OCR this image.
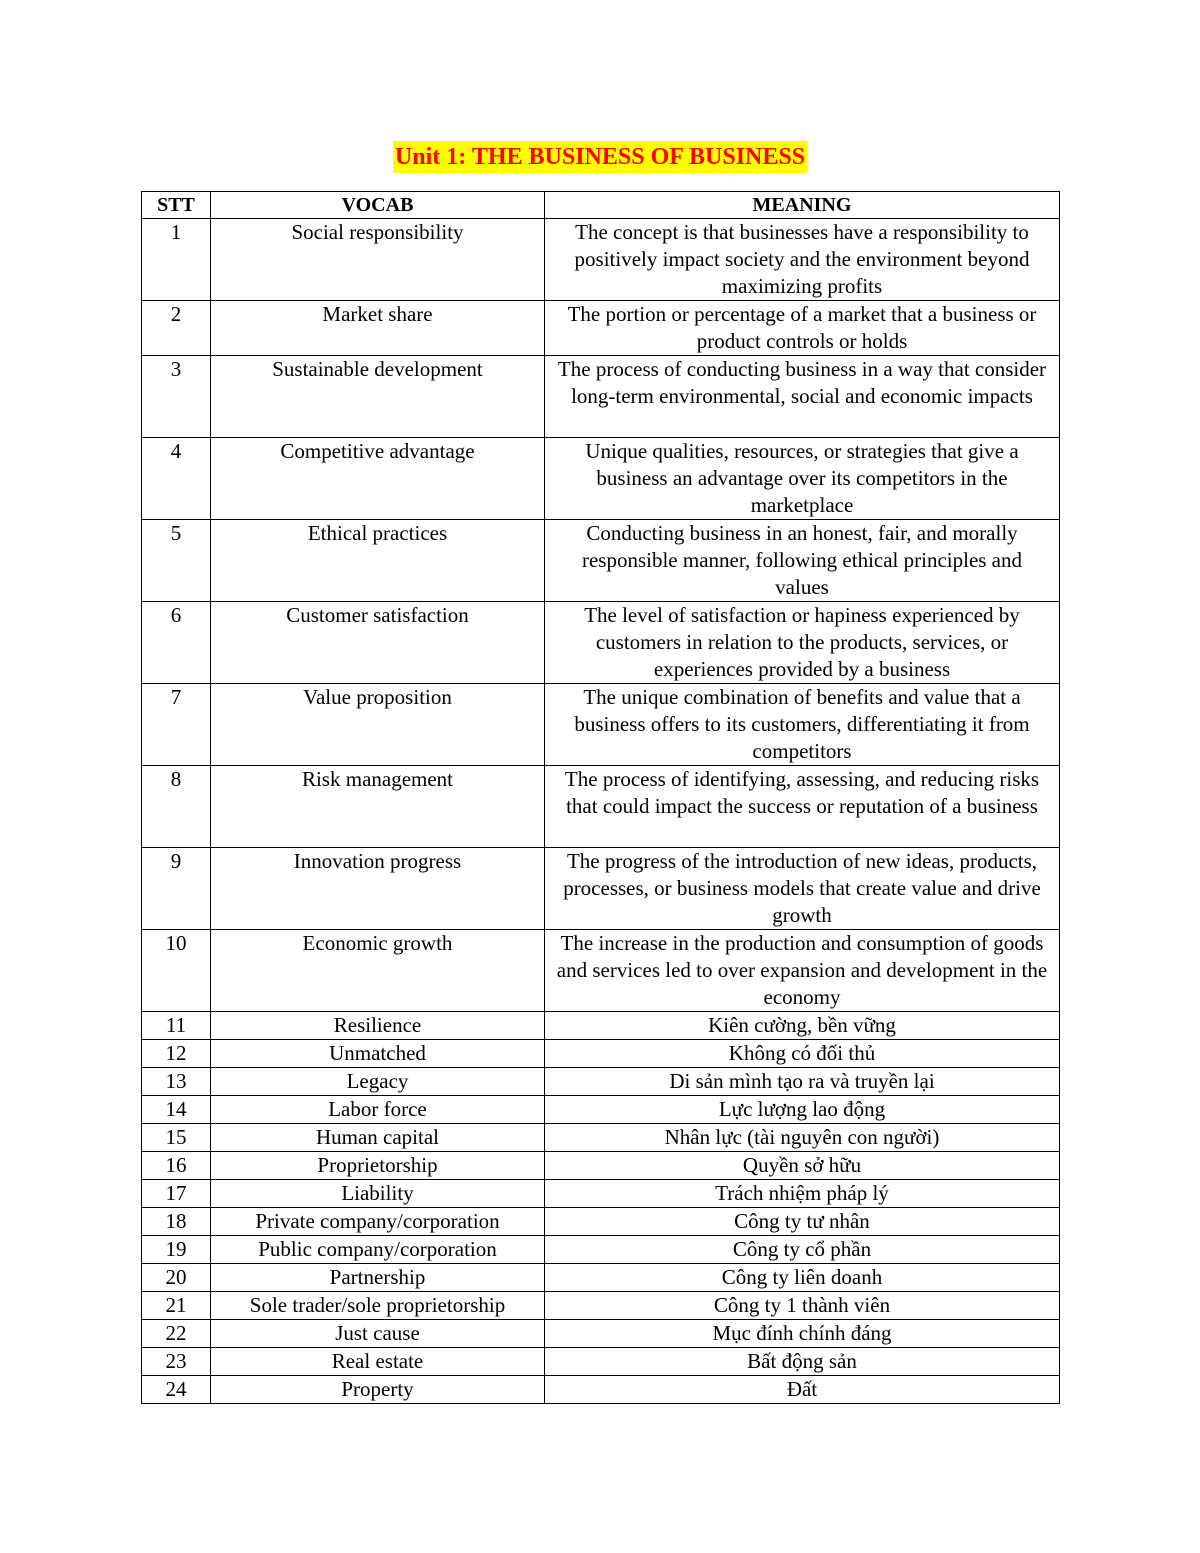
Unit 1: THE BUSINESS OF BUSINESS
STT	VOCAB	MEANING
1	Social responsibility	The concept is that businesses have a responsibility to positively impact society and the environment beyond maximizing profits
2	Market share	The portion or percentage of a market that a business or product controls or holds
3	Sustainable development	The process of conducting business in a way that consider long-term environmental, social and economic impacts
4	Competitive advantage	Unique qualities, resources, or strategies that give a business an advantage over its competitors in the marketplace
5	Ethical practices	Conducting business in an honest, fair, and morally responsible manner, following ethical principles and values
6	Customer satisfaction	The level of satisfaction or hapiness experienced by customers in relation to the products, services, or experiences provided by a business
7	Value proposition	The unique combination of benefits and value that a business offers to its customers, differentiating it from competitors
8	Risk management	The process of identifying, assessing, and reducing risks that could impact the success or reputation of a business
9	Innovation progress	The progress of the introduction of new ideas, products, processes, or business models that create value and drive growth
10	Economic growth	The increase in the production and consumption of goods and services led to over expansion and development in the economy
11	Resilience	Kiên cường, bền vững
12	Unmatched	Không có đối thủ
13	Legacy	Di sản mình tạo ra và truyền lại
14	Labor force	Lực lượng lao động
15	Human capital	Nhân lực (tài nguyên con người)
16	Proprietorship	Quyền sở hữu
17	Liability	Trách nhiệm pháp lý
18	Private company/corporation	Công ty tư nhân
19	Public company/corporation	Công ty cổ phần
20	Partnership	Công ty liên doanh
21	Sole trader/sole proprietorship	Công ty 1 thành viên
22	Just cause	Mục đính chính đáng
23	Real estate	Bất động sản
24	Property	Đất
